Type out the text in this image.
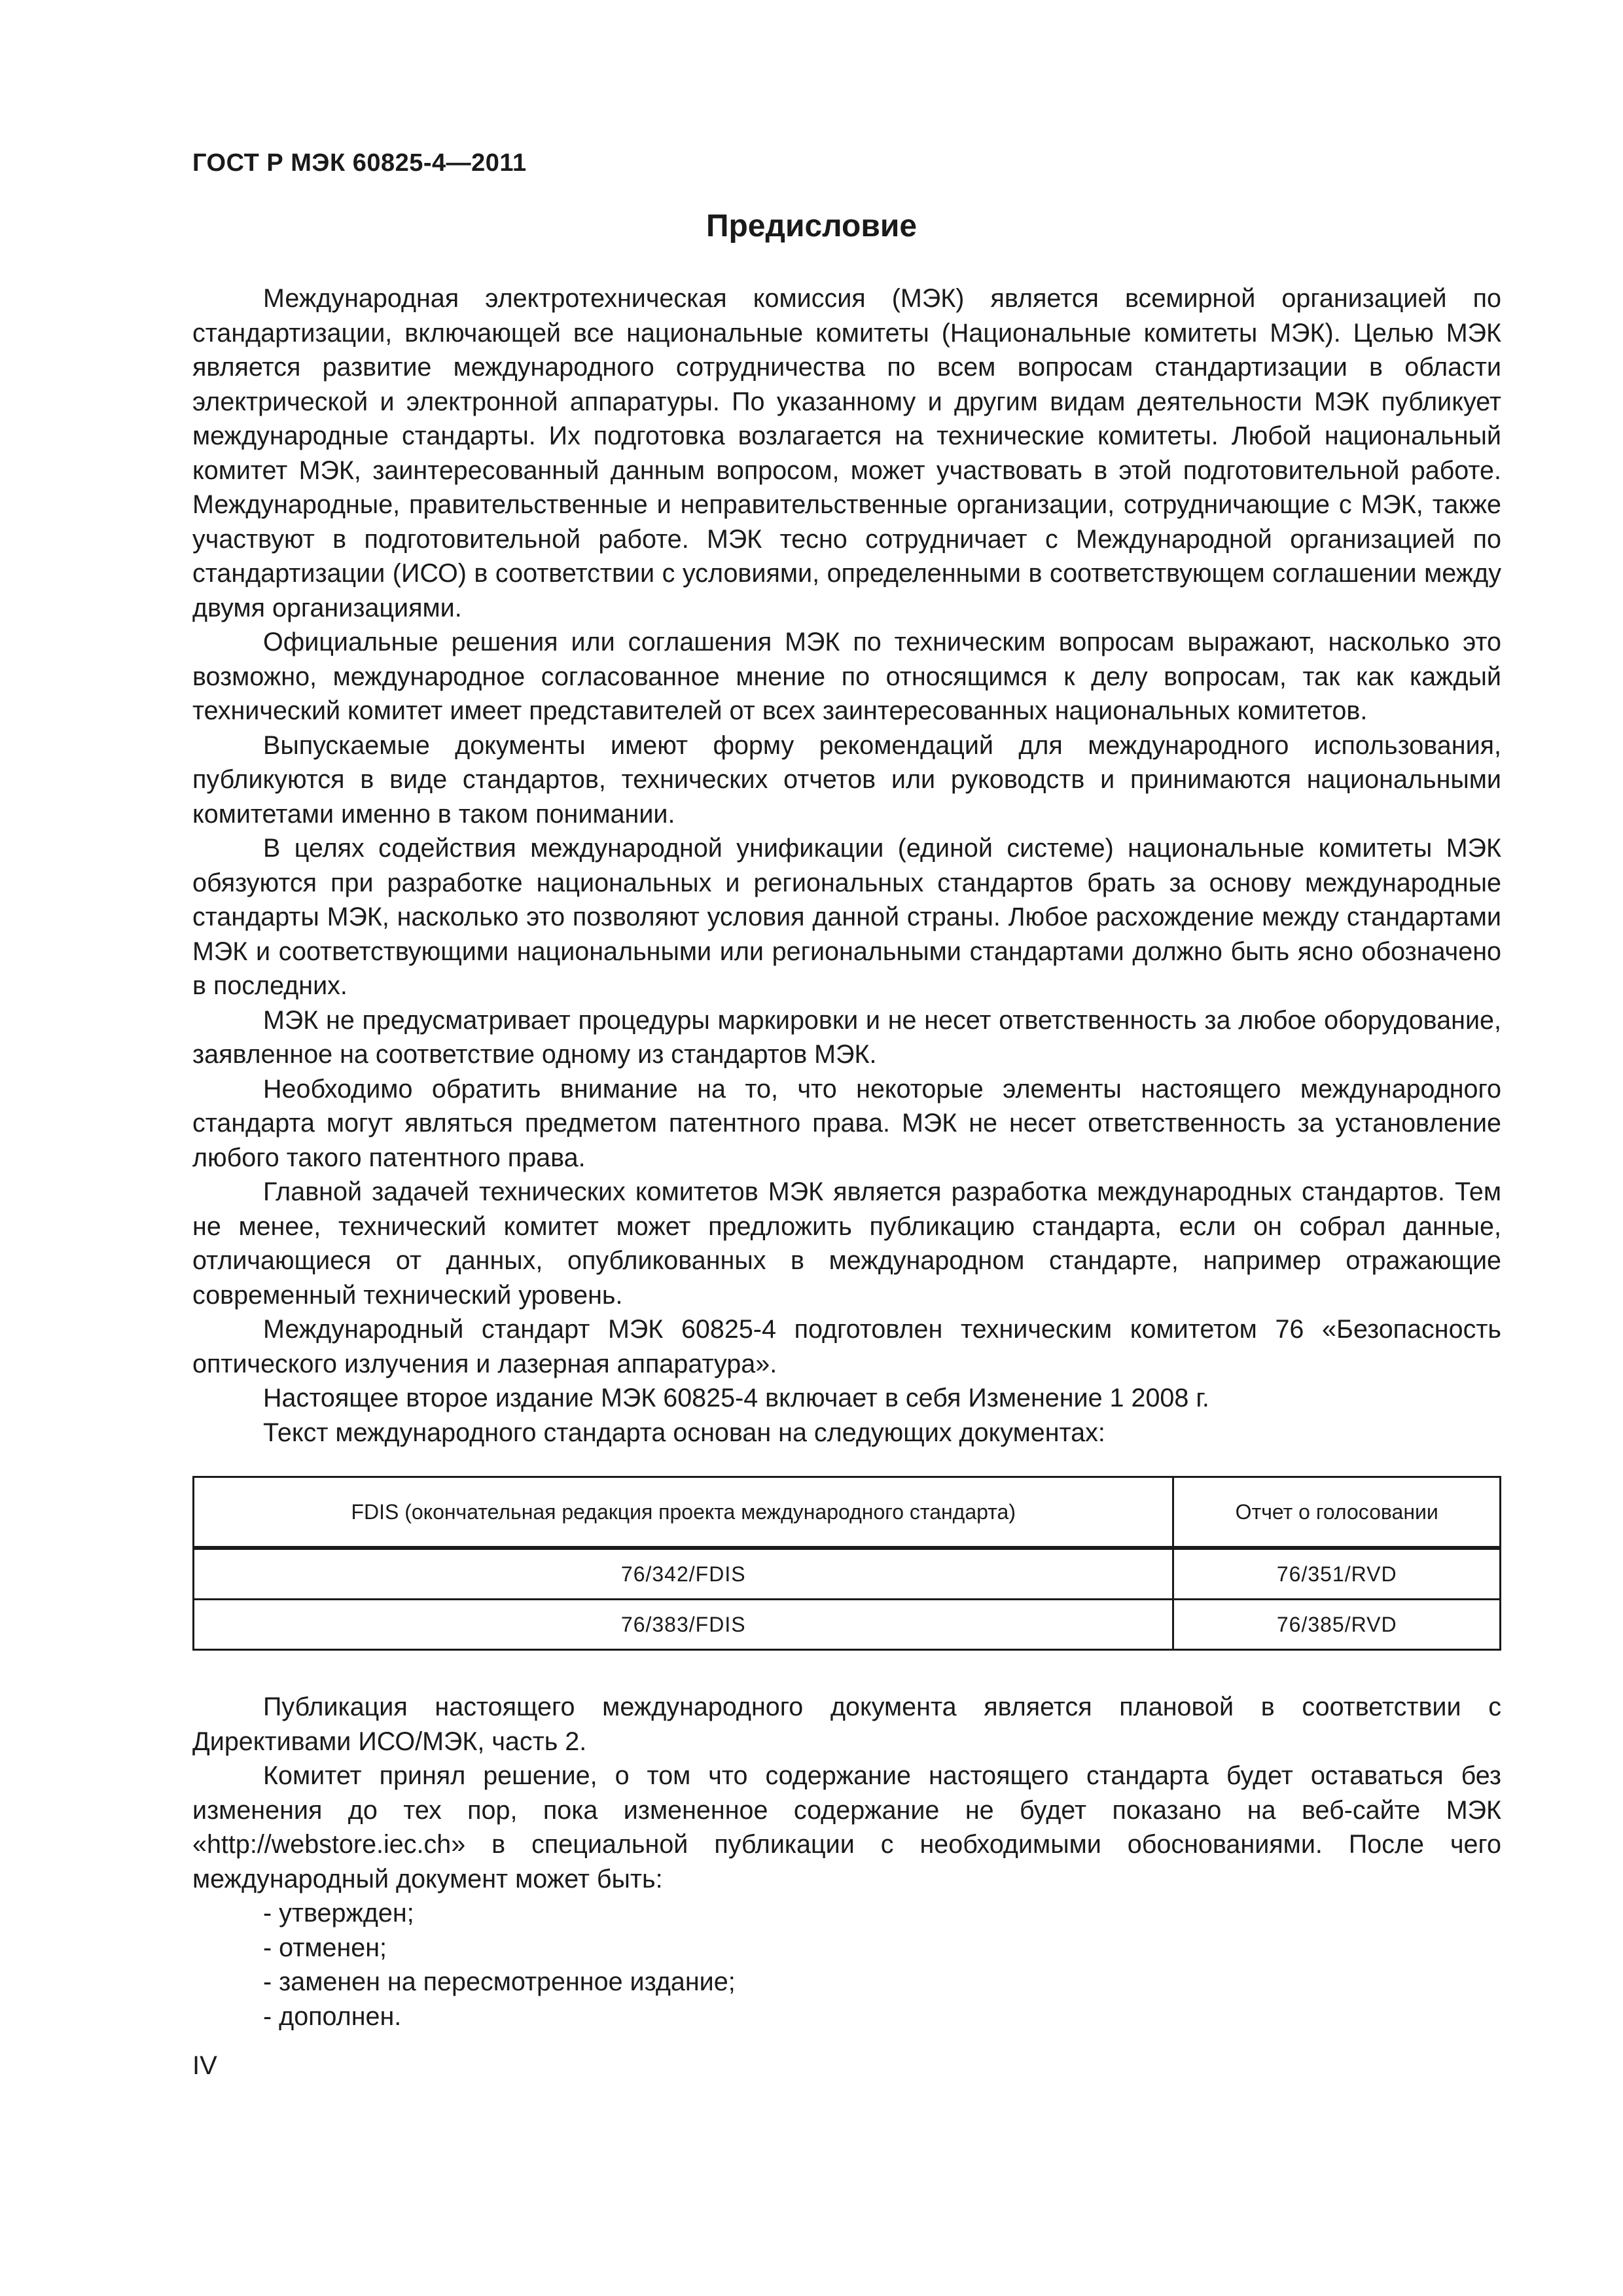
ГОСТ Р МЭК 60825-4—2011
Предисловие

Международная электротехническая комиссия (МЭК) является всемирной организацией по стандартизации, включающей все национальные комитеты (Национальные комитеты МЭК). Целью МЭК является развитие международного сотрудничества по всем вопросам стандартизации в области электрической и электронной аппаратуры. По указанному и другим видам деятельности МЭК публикует международные стандарты. Их подготовка возлагается на технические комитеты. Любой национальный комитет МЭК, заинтересованный данным вопросом, может участвовать в этой подготовительной работе. Международные, правительственные и неправительственные организации, сотрудничающие с МЭК, также участвуют в подготовительной работе. МЭК тесно сотрудничает с Международной организацией по стандартизации (ИСО) в соответствии с условиями, определенными в соответствующем соглашении между двумя организациями.

Официальные решения или соглашения МЭК по техническим вопросам выражают, насколько это возможно, международное согласованное мнение по относящимся к делу вопросам, так как каждый технический комитет имеет представителей от всех заинтересованных национальных комитетов.

Выпускаемые документы имеют форму рекомендаций для международного использования, публикуются в виде стандартов, технических отчетов или руководств и принимаются национальными комитетами именно в таком понимании.

В целях содействия международной унификации (единой системе) национальные комитеты МЭК обязуются при разработке национальных и региональных стандартов брать за основу международные стандарты МЭК, насколько это позволяют условия данной страны. Любое расхождение между стандартами МЭК и соответствующими национальными или региональными стандартами должно быть ясно обозначено в последних.

МЭК не предусматривает процедуры маркировки и не несет ответственность за любое оборудование, заявленное на соответствие одному из стандартов МЭК.

Необходимо обратить внимание на то, что некоторые элементы настоящего международного стандарта могут являться предметом патентного права. МЭК не несет ответственность за установление любого такого патентного права.

Главной задачей технических комитетов МЭК является разработка международных стандартов. Тем не менее, технический комитет может предложить публикацию стандарта, если он собрал данные, отличающиеся от данных, опубликованных в международном стандарте, например отражающие современный технический уровень.

Международный стандарт МЭК 60825-4 подготовлен техническим комитетом 76 «Безопасность оптического излучения и лазерная аппаратура».

Настоящее второе издание МЭК 60825-4 включает в себя Изменение 1 2008 г.

Текст международного стандарта основан на следующих документах:

FDIS (окончательная редакция проекта международного стандарта)	Отчет о голосовании
76/342/FDIS	76/351/RVD
76/383/FDIS	76/385/RVD

Публикация настоящего международного документа является плановой в соответствии с Директивами ИСО/МЭК, часть 2.

Комитет принял решение, о том что содержание настоящего стандарта будет оставаться без изменения до тех пор, пока измененное содержание не будет показано на веб-сайте МЭК «http://webstore.iec.ch» в специальной публикации с необходимыми обоснованиями. После чего международный документ может быть:

- утвержден;
- отменен;
- заменен на пересмотренное издание;
- дополнен.
IV
